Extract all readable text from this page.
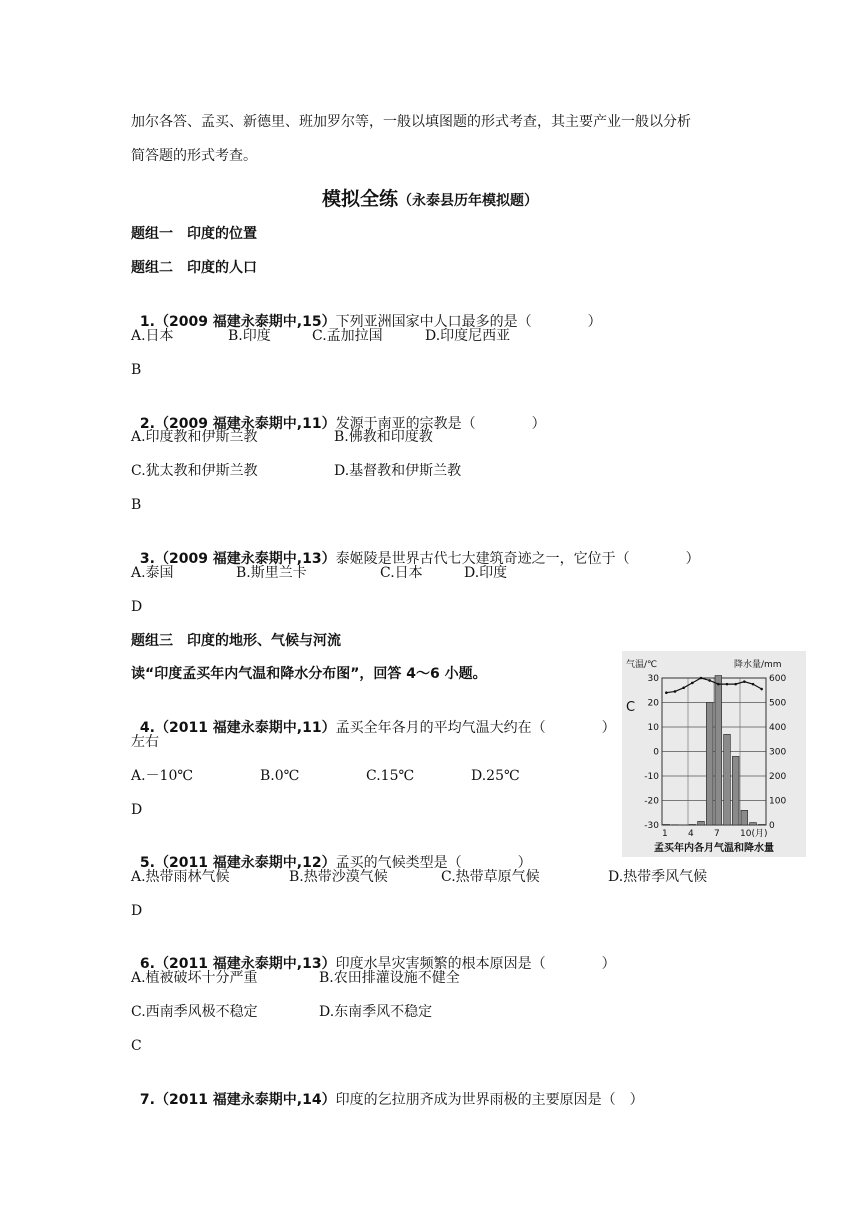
加尔各答、孟买、新德里、班加罗尔等，一般以填图题的形式考查，其主要产业一般以分析
简答题的形式考查。
模拟全练（永泰县历年模拟题）
题组一　印度的位置
题组二　印度的人口

1.（2009 福建永泰期中,15）下列亚洲国家中人口最多的是（　　　　）

A.日本	B.印度	C.孟加拉国	D.印度尼西亚
B

2.（2009 福建永泰期中,11）发源于南亚的宗教是（　　　　）

A.印度教和伊斯兰教	B.佛教和印度教
C.犹太教和伊斯兰教	D.基督教和伊斯兰教
B

3.（2009 福建永泰期中,13）泰姬陵是世界古代七大建筑奇迹之一，它位于（　　　　）

A.泰国	B.斯里兰卡	C.日本	D.印度
D
题组三　印度的地形、气候与河流
读“印度孟买年内气温和降水分布图”，回答 4～6 小题。

4.（2011 福建永泰期中,11）孟买全年各月的平均气温大约在（　　　　）

左右
A.－10℃	B.0℃	C.15℃	D.25℃
D

5.（2011 福建永泰期中,12）孟买的气候类型是（　　　　）

A.热带雨林气候	B.热带沙漠气候	C.热带草原气候	D.热带季风气候
D

6.（2011 福建永泰期中,13）印度水旱灾害频繁的根本原因是（　　　　）

A.植被破坏十分严重	B.农田排灌设施不健全
C.西南季风极不稳定	D.东南季风不稳定
C

7.（2011 福建永泰期中,14）印度的乞拉朋齐成为世界雨极的主要原因是（　）

气温/℃	降水量/mm
C
30
20
10
0
-10
-20
-30
600
500
400
300
200
100
0
1 4 7 10(月)
孟买年内各月气温和降水量
